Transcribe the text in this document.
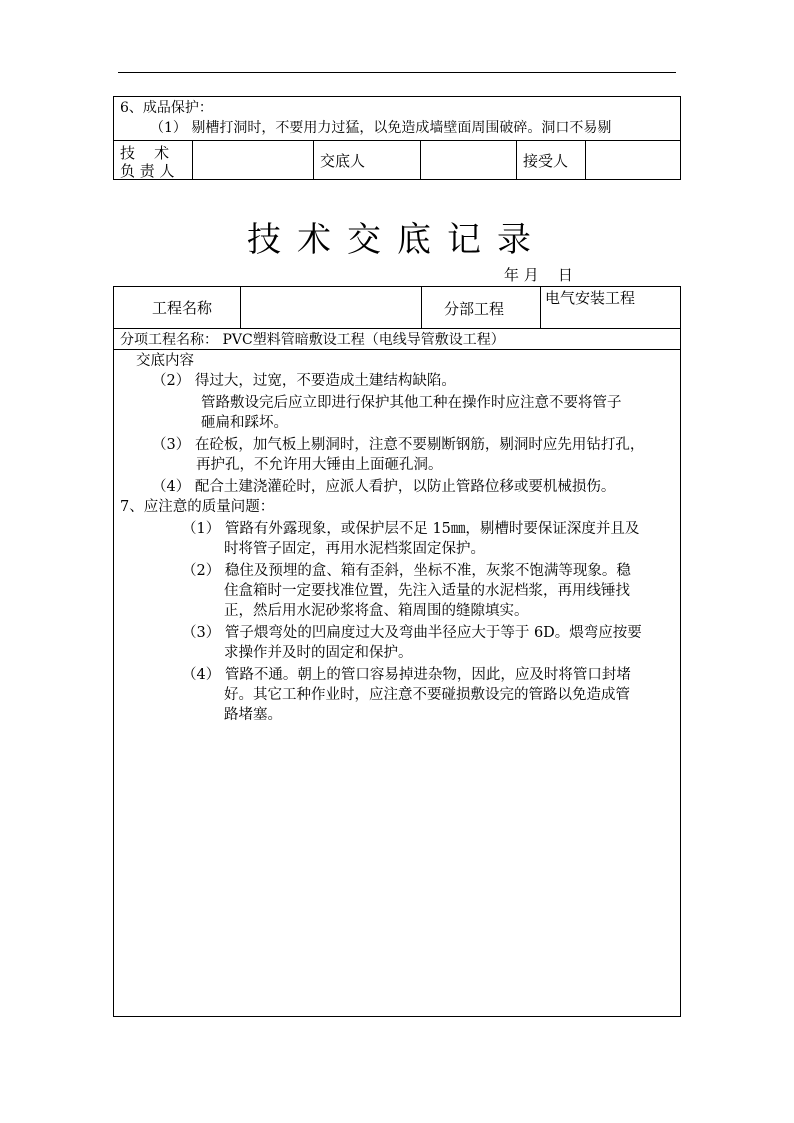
6、成品保护：
（1） 剔槽打洞时，不要用力过猛，以免造成墙壁面周围破碎。洞口不易剔
技    术
负 责 人
交底人	接受人
技术交底记录
年 月    日
工程名称	分部工程
电气安装工程
分项工程名称： PVC塑料管暗敷设工程（电线导管敷设工程）
交底内容
（2） 得过大，过宽，不要造成土建结构缺陷。
管路敷设完后应立即进行保护其他工种在操作时应注意不要将管子
砸扁和踩坏。
（3） 在砼板，加气板上剔洞时，注意不要剔断钢筋，剔洞时应先用钻打孔，
再护孔，不允许用大锤由上面砸孔洞。
（4） 配合土建浇灌砼时，应派人看护，以防止管路位移或要机械损伤。
7、应注意的质量问题：
（1） 管路有外露现象，或保护层不足 15㎜，剔槽时要保证深度并且及
时将管子固定，再用水泥档浆固定保护。
（2） 稳住及预埋的盒、箱有歪斜，坐标不准，灰浆不饱满等现象。稳
住盒箱时一定要找准位置，先注入适量的水泥档浆，再用线锤找
正，然后用水泥砂浆将盒、箱周围的缝隙填实。
（3） 管子煨弯处的凹扁度过大及弯曲半径应大于等于 6D。煨弯应按要
求操作并及时的固定和保护。
（4） 管路不通。朝上的管口容易掉进杂物，因此，应及时将管口封堵
好。其它工种作业时，应注意不要碰损敷设完的管路以免造成管
路堵塞。
